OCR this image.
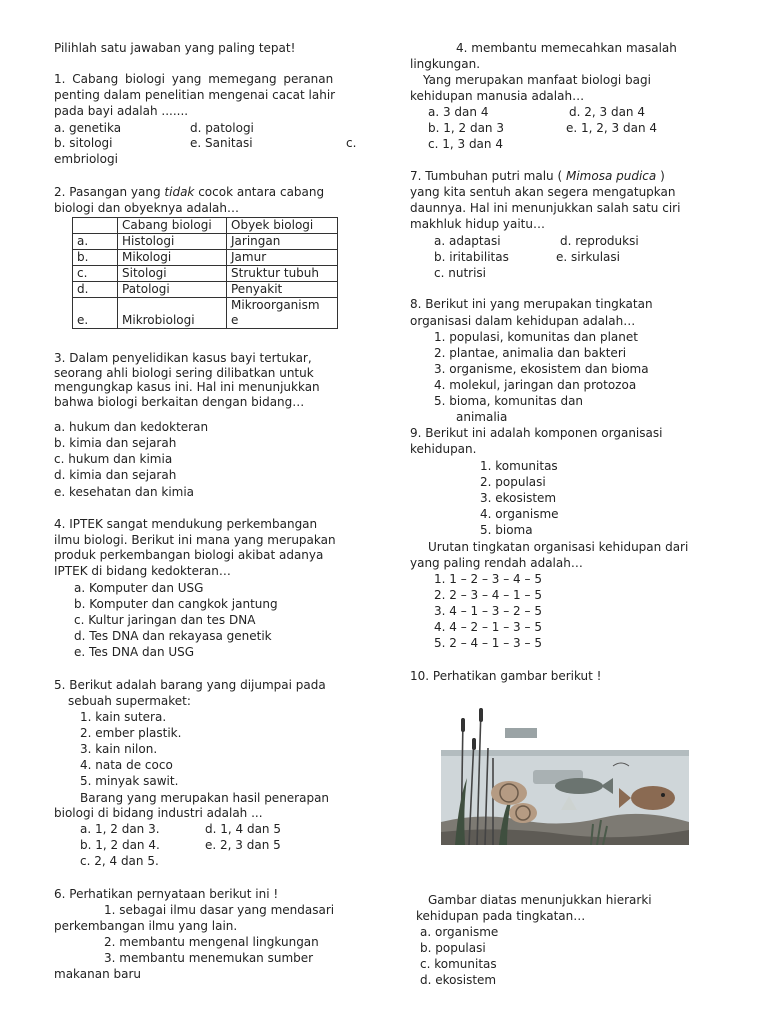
Pilihlah satu jawaban yang paling tepat!
1. Cabang biologi yang memegang peranan
penting dalam penelitian mengenai cacat lahir
pada bayi adalah .......
a. genetika	d. patologi
b. sitologi	e. Sanitasi	c.
embriologi
2. Pasangan yang tidak cocok antara cabang
biologi dan obyeknya adalah…
	Cabang biologi	Obyek biologi
a.	Histologi	Jaringan
b.	Mikologi	Jamur
c.	Sitologi	Struktur tubuh
d.	Patologi	Penyakit
e.	Mikrobiologi	Mikroorganism
e
3. Dalam penyelidikan kasus bayi tertukar,
seorang ahli biologi sering dilibatkan untuk
mengungkap kasus ini. Hal ini menunjukkan
bahwa biologi berkaitan dengan bidang…
a. hukum dan kedokteran
b. kimia dan sejarah
c. hukum dan kimia
d. kimia dan sejarah
e. kesehatan dan kimia
4. IPTEK sangat mendukung perkembangan
ilmu biologi. Berikut ini mana yang merupakan
produk perkembangan biologi akibat adanya
IPTEK di bidang kedokteran…
a. Komputer dan USG
b. Komputer dan cangkok jantung
c. Kultur jaringan dan tes DNA
d. Tes DNA dan rekayasa genetik
e. Tes DNA dan USG
5. Berikut adalah barang yang dijumpai pada
sebuah supermaket:
1. kain sutera.
2. ember plastik.
3. kain nilon.
4. nata de coco
5. minyak sawit.
Barang yang merupakan hasil penerapan
biologi di bidang industri adalah ...
a. 1, 2 dan 3.	d. 1, 4 dan 5
b. 1, 2 dan 4.	e. 2, 3 dan 5
c. 2, 4 dan 5.
6. Perhatikan pernyataan berikut ini !
1. sebagai ilmu dasar yang mendasari
perkembangan ilmu yang lain.
2. membantu mengenal lingkungan
3. membantu menemukan sumber
makanan baru
4. membantu memecahkan masalah
lingkungan.
Yang merupakan manfaat biologi bagi
kehidupan manusia adalah…
a. 3 dan 4	d. 2, 3 dan 4
b. 1, 2 dan 3	e. 1, 2, 3 dan 4
c. 1, 3 dan 4
7. Tumbuhan putri malu ( Mimosa pudica )
yang kita sentuh akan segera mengatupkan
daunnya. Hal ini menunjukkan salah satu ciri
makhluk hidup yaitu…
a. adaptasi	d. reproduksi
b. iritabilitas	e. sirkulasi
c. nutrisi
8. Berikut ini yang merupakan tingkatan
organisasi dalam kehidupan adalah…
1. populasi, komunitas dan planet
2. plantae, animalia dan bakteri
3. organisme, ekosistem dan bioma
4. molekul, jaringan dan protozoa
5. bioma, komunitas dan
animalia
9. Berikut ini adalah komponen organisasi
kehidupan.
1. komunitas
2. populasi
3. ekosistem
4. organisme
5. bioma
Urutan tingkatan organisasi kehidupan dari
yang paling rendah adalah…
1. 1 – 2 – 3 – 4 – 5
2. 2 – 3 – 4 – 1 – 5
3. 4 – 1 – 3 – 2 – 5
4. 4 – 2 – 1 – 3 – 5
5. 2 – 4 – 1 – 3 – 5
10. Perhatikan gambar berikut !
Gambar diatas menunjukkan hierarki
kehidupan pada tingkatan…
a. organisme
b. populasi
c. komunitas
d. ekosistem
